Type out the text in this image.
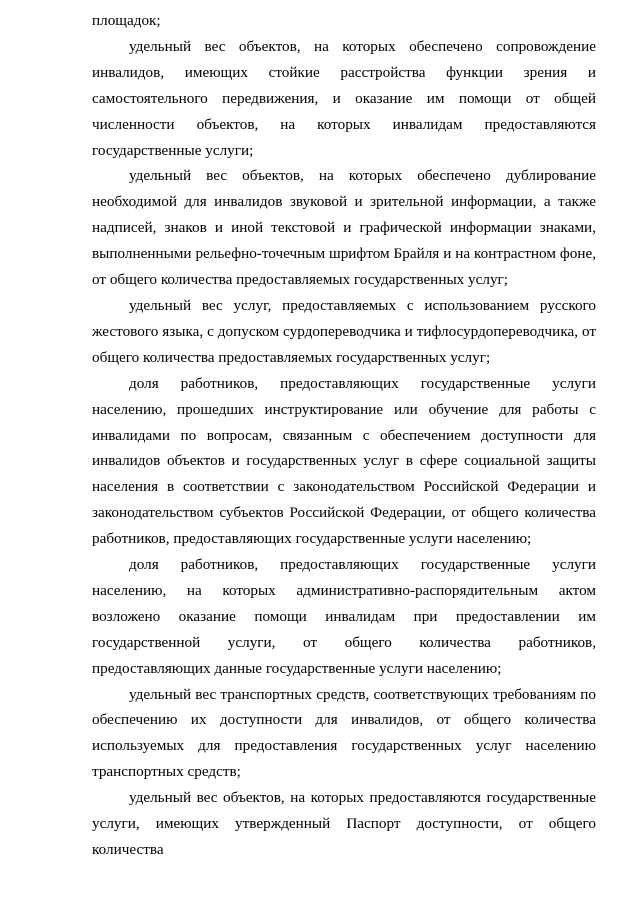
площадок;

удельный вес объектов, на которых обеспечено сопровождение инвалидов, имеющих стойкие расстройства функции зрения и самостоятельного передвижения, и оказание им помощи от общей численности объектов, на которых инвалидам предоставляются государственные услуги;

удельный вес объектов, на которых обеспечено дублирование необходимой для инвалидов звуковой и зрительной информации, а также надписей, знаков и иной текстовой и графической информации знаками, выполненными рельефно-точечным шрифтом Брайля и на контрастном фоне, от общего количества предоставляемых государственных услуг;

удельный вес услуг, предоставляемых с использованием русского жестового языка, с допуском сурдопереводчика и тифлосурдопереводчика, от общего количества предоставляемых государственных услуг;

доля работников, предоставляющих государственные услуги населению, прошедших инструктирование или обучение для работы с инвалидами по вопросам, связанным с обеспечением доступности для инвалидов объектов и государственных услуг в сфере социальной защиты населения в соответствии с законодательством Российской Федерации и законодательством субъектов Российской Федерации, от общего количества работников, предоставляющих государственные услуги населению;

доля работников, предоставляющих государственные услуги населению, на которых административно-распорядительным актом возложено оказание помощи инвалидам при предоставлении им государственной услуги, от общего количества работников, предоставляющих данные государственные услуги населению;

удельный вес транспортных средств, соответствующих требованиям по обеспечению их доступности для инвалидов, от общего количества используемых для предоставления государственных услуг населению транспортных средств;

удельный вес объектов, на которых предоставляются государственные услуги, имеющих утвержденный Паспорт доступности, от общего количества
